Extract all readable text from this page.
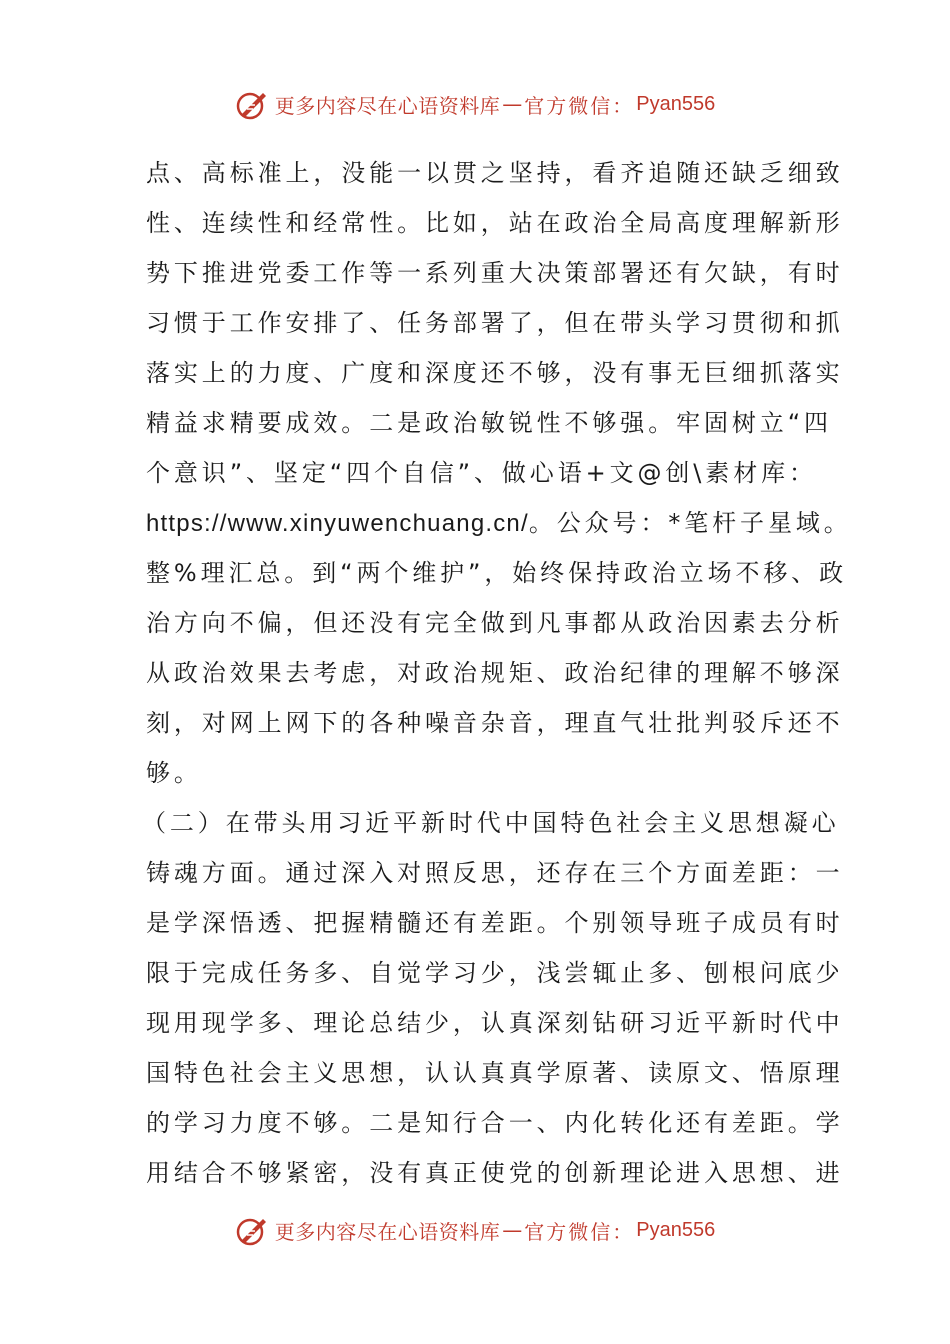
更多内容尽在心语资料库 — 官方微信： Pyan556
点、高标准上，没能一以贯之坚持，看齐追随还缺乏细致
性、连续性和经常性。比如，站在政治全局高度理解新形
势下推进党委工作等一系列重大决策部署还有欠缺，有时
习惯于工作安排了、任务部署了，但在带头学习贯彻和抓
落实上的力度、广度和深度还不够，没有事无巨细抓落实
精益求精要成效。二是政治敏锐性不够强。牢固树立“四
个意识”、坚定“四个自信”、做心语+文@创\素材库：
https://www.xinyuwenchuang.cn/。公众号：*笔杆子星域。
整%理汇总。到“两个维护”，始终保持政治立场不移、政
治方向不偏，但还没有完全做到凡事都从政治因素去分析
从政治效果去考虑，对政治规矩、政治纪律的理解不够深
刻，对网上网下的各种噪音杂音，理直气壮批判驳斥还不
够。
（二）在带头用习近平新时代中国特色社会主义思想凝心
铸魂方面。通过深入对照反思，还存在三个方面差距：一
是学深悟透、把握精髓还有差距。个别领导班子成员有时
限于完成任务多、自觉学习少，浅尝辄止多、刨根问底少
现用现学多、理论总结少，认真深刻钻研习近平新时代中
国特色社会主义思想，认认真真学原著、读原文、悟原理
的学习力度不够。二是知行合一、内化转化还有差距。学
用结合不够紧密，没有真正使党的创新理论进入思想、进
更多内容尽在心语资料库 — 官方微信： Pyan556
